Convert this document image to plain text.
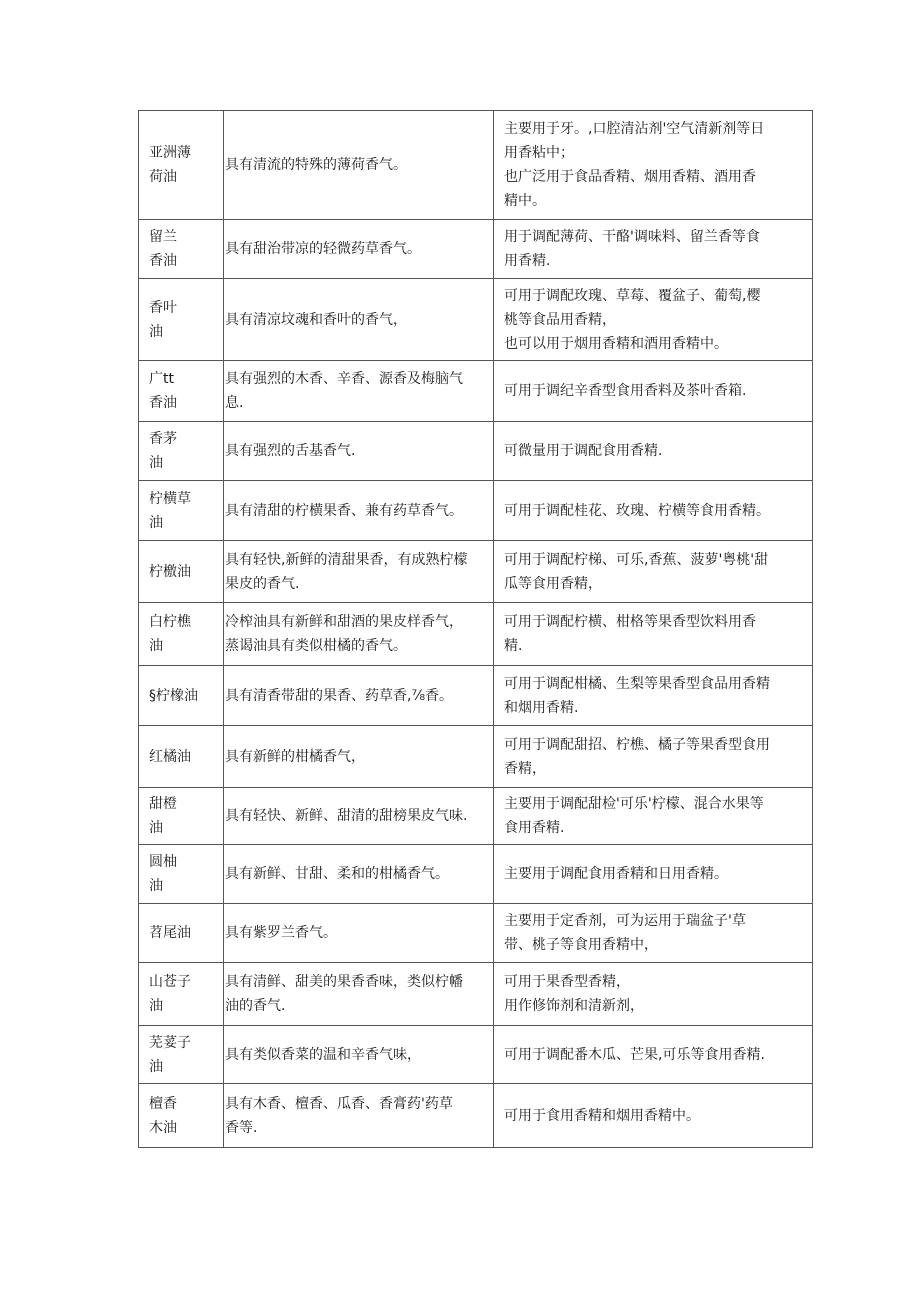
亚洲薄
荷油	具有清流的特殊的薄荷香气。	主要用于牙。,口腔清沾剂'空气清新剂等日
用香粘中；
也广泛用于食品香精、烟用香精、酒用香
精中。

留兰
香油	具有甜治带凉的轻微药草香气。	用于调配薄荷、干酪'调味料、留兰香等食
用香精.

香叶
油	具有清凉坟魂和香叶的香气，	可用于调配玫瑰、草莓、覆盆子、葡萄,樱
桃等食品用香精，
也可以用于烟用香精和酒用香精中。

广tt
香油	具有强烈的木香、辛香、源香及梅脑气
息.	可用于调纪辛香型食用香料及茶叶香箱.

香茅
油	具有强烈的舌基香气.	可微量用于调配食用香精.

柠横草
油	具有清甜的柠横果香、兼有药草香气。	可用于调配桂花、玫瑰、柠横等食用香精。

柠檄油	具有轻快,新鲜的清甜果香，有成熟柠檬
果皮的香气.	可用于调配柠梯、可乐,香蕉、菠萝'粤桃'甜
瓜等食用香精，

白柠樵
油	冷榨油具有新鲜和甜酒的果皮样香气，
蒸谒油具有类似柑橘的香气。	可用于调配柠横、柑格等果香型饮料用香
精.

§柠橡油	具有清香带甜的果香、药草香,⅞香。	可用于调配柑橘、生梨等果香型食品用香精
和烟用香精.

红橘油	具有新鲜的柑橘香气，	可用于调配甜招、柠樵、橘子等果香型食用
香精，

甜橙
油	具有轻快、新鲜、甜清的甜榜果皮气味.	主要用于调配甜检'可乐'柠檬、混合水果等
食用香精.

圆柚
油	具有新鲜、甘甜、柔和的柑橘香气。	主要用于调配食用香精和日用香精。

苕尾油	具有紫罗兰香气。	主要用于定香剂，可为运用于瑞盆子'草
带、桃子等食用香精中，

山苍子
油	具有清鲜、甜美的果香香味，类似柠幡
油的香气.	可用于果香型香精，
用作修饰剂和清新剂，

芜荽子
油	具有类似香菜的温和辛香气味，	可用于调配番木瓜、芒果,可乐等食用香精.

檀香
木油	具有木香、檀香、瓜香、香膏药'药草
香等.	可用于食用香精和烟用香精中。
